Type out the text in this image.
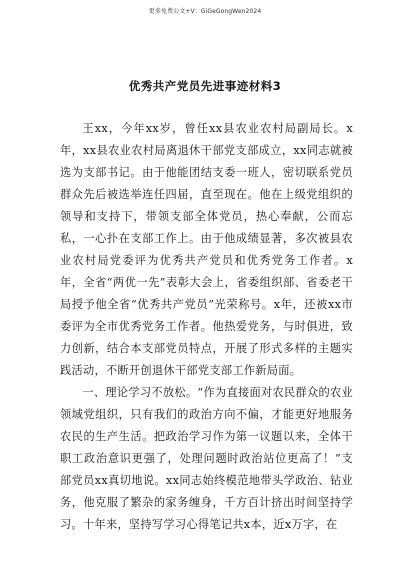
更多免费公文+V：GiGeGongWen2024
优秀共产党员先进事迹材料3

王xx，今年xx岁，曾任xx县农业农村局副局长。x年，xx县农业农村局离退休干部党支部成立，xx同志就被选为支部书记。由于他能团结支委一班人，密切联系党员群众先后被选举连任四届，直至现在。他在上级党组织的领导和支持下，带领支部全体党员，热心奉献，公而忘私，一心扑在支部工作上。由于他成绩显著，多次被县农业农村局党委评为优秀共产党员和优秀党务工作者。x年，全省“两优一先”表彰大会上，省委组织部、省委老干局授予他全省“优秀共产党员”光荣称号。x年，还被xx市委评为全市优秀党务工作者。他热爱党务，与时俱进，致力创新，结合本支部党员特点，开展了形式多样的主题实践活动，不断开创退休干部党支部工作新局面。

一、理论学习不放松。“作为直接面对农民群众的农业领域党组织，只有我们的政治方向不偏，才能更好地服务农民的生产生活。把政治学习作为第一议题以来，全体干职工政治意识更强了，处理问题时政治站位更高了！”支部党员xx真切地说。xx同志始终模范地带头学政治、钻业务，他克服了繁杂的家务缠身，千方百计挤出时间坚持学习。十年来，坚持写学习心得笔记共x本，近x万字，在
